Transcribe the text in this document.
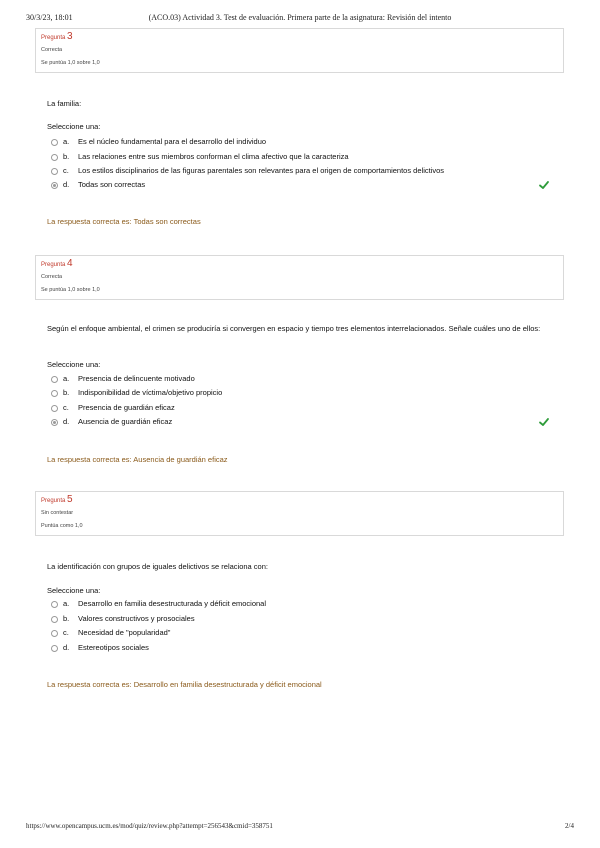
30/3/23, 18:01	(ACO.03) Actividad 3. Test de evaluación. Primera parte de la asignatura: Revisión del intento
Pregunta 3
Correcta
Se puntúa 1,0 sobre 1,0
La familia:
Seleccione una:
a. Es el núcleo fundamental para el desarrollo del individuo
b. Las relaciones entre sus miembros conforman el clima afectivo que la caracteriza
c. Los estilos disciplinarios de las figuras parentales son relevantes para el origen de comportamientos delictivos
d. Todas son correctas
La respuesta correcta es: Todas son correctas
Pregunta 4
Correcta
Se puntúa 1,0 sobre 1,0
Según el enfoque ambiental, el crimen se produciría si convergen en espacio y tiempo tres elementos interrelacionados. Señale cuáles uno de ellos:
Seleccione una:
a. Presencia de delincuente motivado
b. Indisponibilidad de víctima/objetivo propicio
c. Presencia de guardián eficaz
d. Ausencia de guardián eficaz
La respuesta correcta es: Ausencia de guardián eficaz
Pregunta 5
Sin contestar
Puntúa como 1,0
La identificación con grupos de iguales delictivos se relaciona con:
Seleccione una:
a. Desarrollo en familia desestructurada y déficit emocional
b. Valores constructivos y prosociales
c. Necesidad de "popularidad"
d. Estereotipos sociales
La respuesta correcta es: Desarrollo en familia desestructurada y déficit emocional
https://www.opencampus.ucm.es/mod/quiz/review.php?attempt=256543&cmid=358751	2/4
